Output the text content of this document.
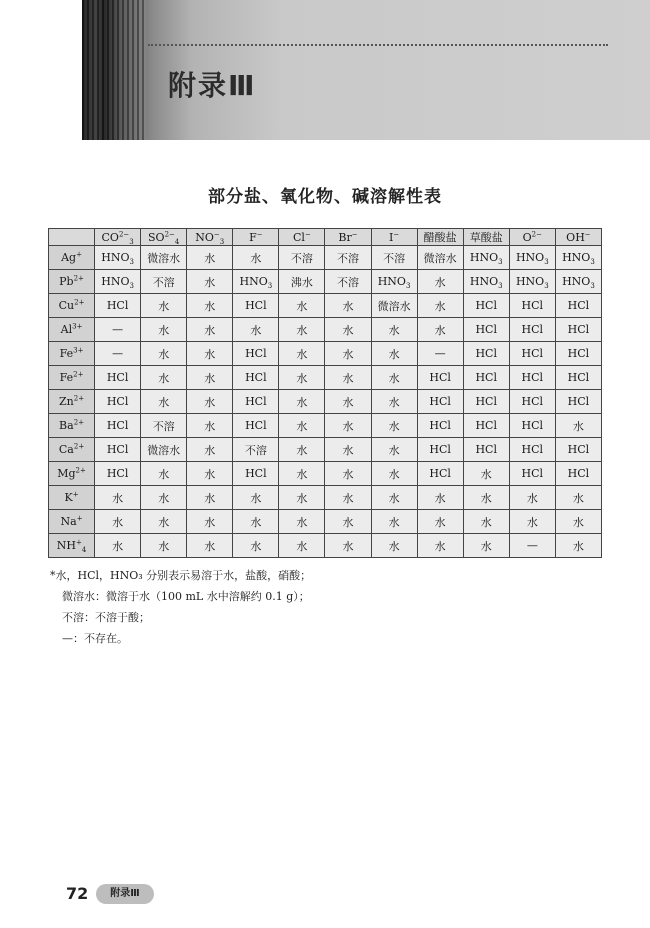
附录Ⅲ
部分盐、氧化物、碱溶解性表
	$CO^{2-}_3$	$SO^{2-}_4$	$NO^-_3$	F−	Cl−	Br−	I−	醋酸盐	草酸盐	$O^{2-}$	OH−
Ag+	$HNO_3$	微溶水	水	水	不溶	不溶	不溶	微溶水	$HNO_3$	$HNO_3$	$HNO_3$
$Pb^{2+}$	$HNO_3$	不溶	水	$HNO_3$	沸水	不溶	$HNO_3$	水	$HNO_3$	$HNO_3$	$HNO_3$
$Cu^{2+}$	HCl	水	水	HCl	水	水	微溶水	水	HCl	HCl	HCl
$Al^{3+}$	—	水	水	水	水	水	水	水	HCl	HCl	HCl
$Fe^{3+}$	—	水	水	HCl	水	水	水	—	HCl	HCl	HCl
$Fe^{2+}$	HCl	水	水	HCl	水	水	水	HCl	HCl	HCl	HCl
$Zn^{2+}$	HCl	水	水	HCl	水	水	水	HCl	HCl	HCl	HCl
$Ba^{2+}$	HCl	不溶	水	HCl	水	水	水	HCl	HCl	HCl	水
$Ca^{2+}$	HCl	微溶水	水	不溶	水	水	水	HCl	HCl	HCl	HCl
$Mg^{2+}$	HCl	水	水	HCl	水	水	水	HCl	水	HCl	HCl
K+	水	水	水	水	水	水	水	水	水	水	水
Na+	水	水	水	水	水	水	水	水	水	水	水
$NH^+_4$	水	水	水	水	水	水	水	水	水	—	水
*水，HCl，HNO₃ 分别表示易溶于水，盐酸，硝酸；
微溶水：微溶于水（100 mL 水中溶解约 0.1 g）；
不溶：不溶于酸；
—：不存在。
72	附录Ⅲ
